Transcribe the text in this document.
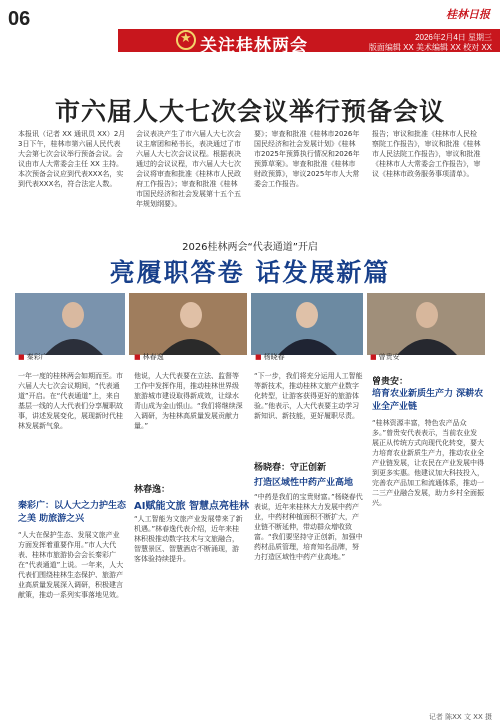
06
★
关注桂林两会
桂林日报
2026年2月4日 星期三
版面编辑 XX 美术编辑 XX 校对 XX
市六届人大七次会议举行预备会议
本报讯（记者 XX 通讯员 XX）2月3日下午，桂林市第六届人民代表大会第七次会议举行预备会议。会议由市人大常委会主任 XX 主持。本次预备会议应到代表XXX名，实到代表XXX名，符合法定人数。
会议表决产生了市六届人大七次会议主席团和秘书长，表决通过了市六届人大七次会议议程。根据表决通过的会议议程，市六届人大七次会议将审查和批准《桂林市人民政府工作报告》；审查和批准《桂林市国民经济和社会发展第十五个五年规划纲要》。
要》；审查和批准《桂林市2026年国民经济和社会发展计划》《桂林市2025年预算执行情况和2026年预算草案》。审查和批准《桂林市财政预算》，审议2025年市人大常委会工作报告。
报告；审议和批准《桂林市人民检察院工作报告》，审议和批准《桂林市人民法院工作报告》，审议和批准《桂林市人大常委会工作报告》，审议《桂林市政务服务事项清单》。
2026桂林两会“代表通道”开启
亮履职答卷 话发展新篇
■ 秦彩广	■ 林春逸	■ 杨晓春	■ 曾贵安
一年一度的桂林两会如期而至。市六届人大七次会议期间，“代表通道”开启。在“代表通道”上，来自基层一线的人大代表们分享履职故事，讲述发展变化，展现新时代桂林发展新气象。
秦彩广：以人大之力护生态之美 助旅游之兴
“人大在保护生态、发展文旅产业方面发挥着重要作用。”市人大代表、桂林市旅游协会会长秦彩广在“代表通道”上说。一年来，人大代表们围绕桂林生态保护、旅游产业高质量发展深入调研，积极建言献策，推动一系列实事落地见效。
他说，人大代表要在立法、监督等工作中发挥作用，推动桂林世界级旅游城市建设取得新成效，让绿水青山成为金山银山。“我们将继续深入调研，为桂林高质量发展贡献力量。”
林春逸：
AI赋能文旅 智慧点亮桂林
“人工智能为文旅产业发展带来了新机遇。”林春逸代表介绍，近年来桂林积极推动数字技术与文旅融合，智慧景区、智慧酒店不断涌现，游客体验持续提升。
“下一步，我们将充分运用人工智能等新技术，推动桂林文旅产业数字化转型，让游客获得更好的旅游体验。”他表示，人大代表要主动学习新知识、新技能，更好履职尽责。
杨晓春：守正创新
打造区域性中药产业高地
“中药是我们的宝贵财富。”杨晓春代表说，近年来桂林大力发展中药产业，中药材种植面积不断扩大，产业链不断延伸，带动群众增收致富。“我们要坚持守正创新，加强中药材品质管理，培育知名品牌，努力打造区域性中药产业高地。”
曾贵安：
培育农业新质生产力 深耕农业全产业链
“桂林资源丰富，特色农产品众多。”曾贵安代表表示，当前农业发展正从传统方式向现代化转变，要大力培育农业新质生产力，推动农业全产业链发展，让农民在产业发展中得到更多实惠。他建议加大科技投入，完善农产品加工和流通体系，推动一二三产业融合发展，助力乡村全面振兴。
记者 陈XX 文 XX 摄
